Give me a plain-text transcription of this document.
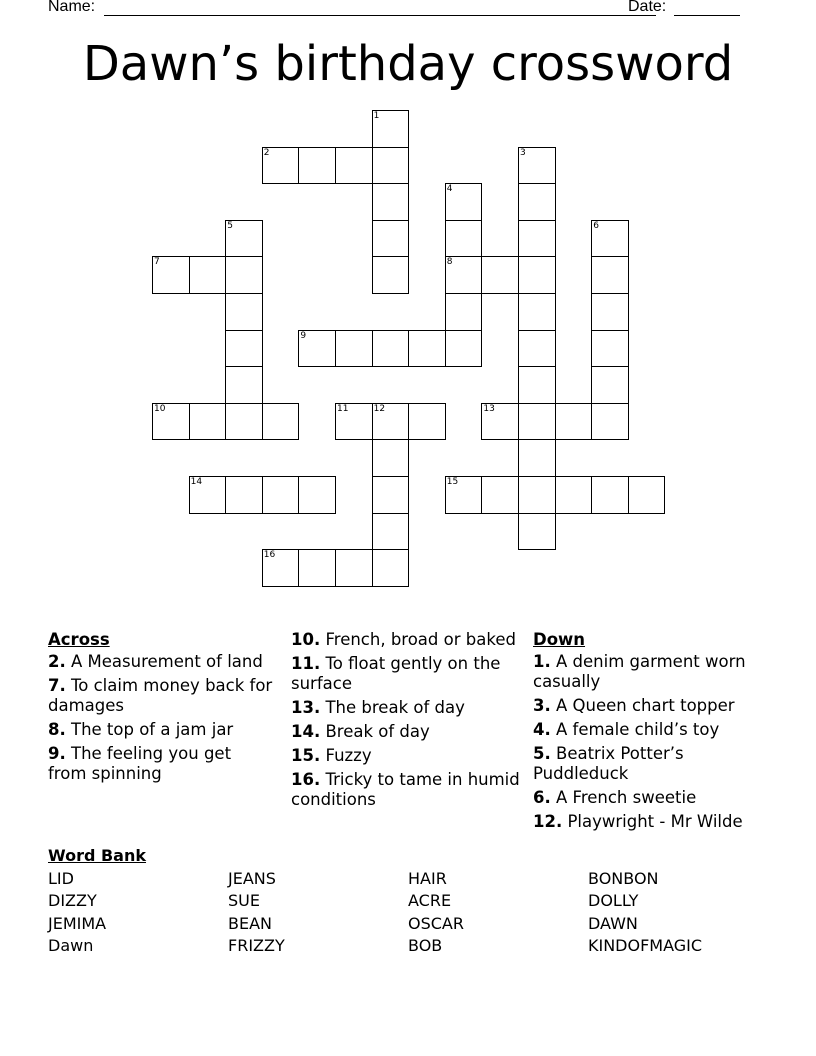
Name:	Date:
Dawn’s birthday crossword
1
2	3
4
5	6
7	8
9
10	11	12	13
14	15
16
Across
2. A Measurement of land
7. To claim money back for damages
8. The top of a jam jar
9. The feeling you get from spinning
10. French, broad or baked
11. To float gently on the surface
13. The break of day
14. Break of day
15. Fuzzy
16. Tricky to tame in humid conditions
Down
1. A denim garment worn casually
3. A Queen chart topper
4. A female child’s toy
5. Beatrix Potter’s Puddleduck
6. A French sweetie
12. Playwright - Mr Wilde
Word Bank
LID	JEANS	HAIR	BONBON
DIZZY	SUE	ACRE	DOLLY
JEMIMA	BEAN	OSCAR	DAWN
Dawn	FRIZZY	BOB	KINDOFMAGIC
